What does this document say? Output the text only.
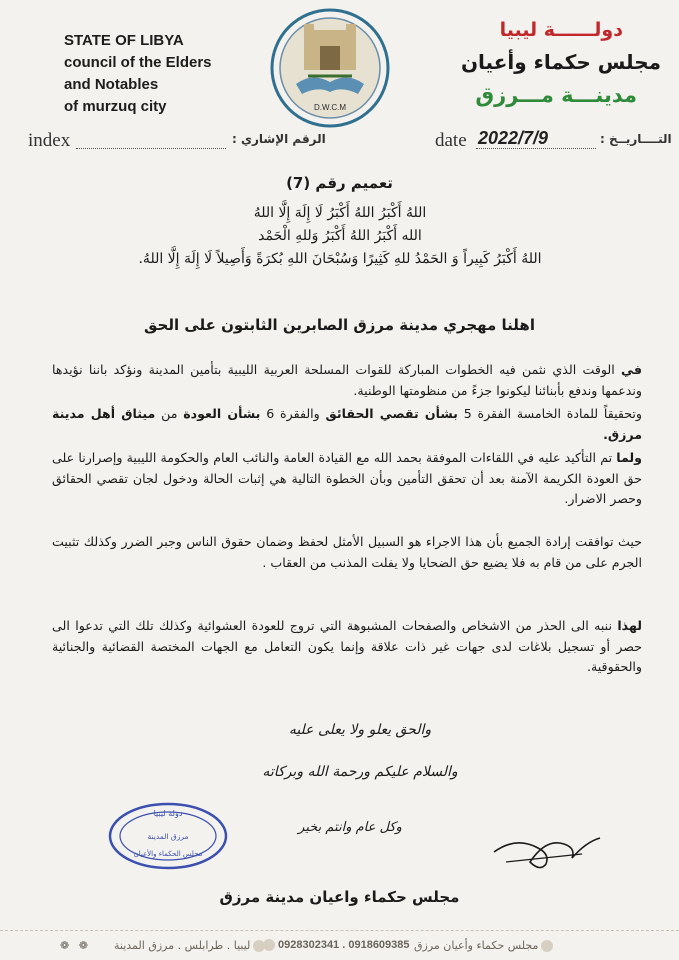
STATE OF LIBYA
council of the Elders
and Notables
of murzuq city	D.W.C.M
دولــــــة ليبيا
مجلس حكماء وأعيان
مدينـــة مـــرزق
index	الرقم الإشاري :	date 2022/7/9	التــــاريــخ :
تعميم رقم (7)
اللهُ أَكْبَرُ اللهُ أَكْبَرُ لَا إِلَهَ إِلَّا اللهُ
الله أَكْبَرُ اللهُ أَكْبَرُ وَللهِ الْحَمْد
اللهُ أَكْبَرُ كَبِيراً وَ الحَمْدُ للهِ كَثِيرًا وَسُبْحَانَ اللهِ بُكرَةً وَأَصِيلاً لَا إِلَهَ إِلَّا اللهُ.
اهلنا مهجري مدينة مرزق الصابرين الثابتون على الحق
في الوقت الذي نثمن فيه الخطوات المباركة للقوات المسلحة العربية الليبية بتأمين المدينة ونؤكد باننا نؤيدها وندعمها وندفع بأبنائنا ليكونوا جزءً من منظومتها الوطنية.
وتحقيقاً للمادة الخامسة الفقرة 5 بشأن تقصي الحقائق والفقرة 6 بشأن العودة من ميثاق أهل مدينة مرزق.
ولما تم التأكيد عليه في اللقاءات الموفقة بحمد الله مع القيادة العامة والنائب العام والحكومة الليبية وإصرارنا على حق العودة الكريمة الآمنة بعد أن تحقق التأمين وبأن الخطوة التالية هي إثبات الحالة ودخول لجان تقصي الحقائق وحصر الاضرار.
حيث توافقت إرادة الجميع بأن هذا الاجراء هو السبيل الأمثل لحفظ وضمان حقوق الناس وجبر الضرر وكذلك تثبيت الجرم على من قام به فلا يضيع حق الضحايا ولا يفلت المذنب من العقاب .
لهذا ننبه الى الحذر من الاشخاص والصفحات المشبوهة التي تروج للعودة العشوائية وكذلك تلك التي تدعوا الى حصر أو تسجيل بلاغات لدى جهات غير ذات علاقة وإنما يكون التعامل مع الجهات المختصة القضائية والجنائية والحقوقية.
والحق يعلو ولا يعلى عليه
والسلام عليكم ورحمة الله وبركاته
وكل عام وانتم بخير
دولة ليبيا
مرزق المدينة
مجلس الحكماء والأعيان
مجلس حكماء واعيان مدينة مرزق
❁ ❁ ليبيا . طرابلس . مرزق المدينة	0928302341 . 0918609385 مجلس حكماء وأعيان مرزق
